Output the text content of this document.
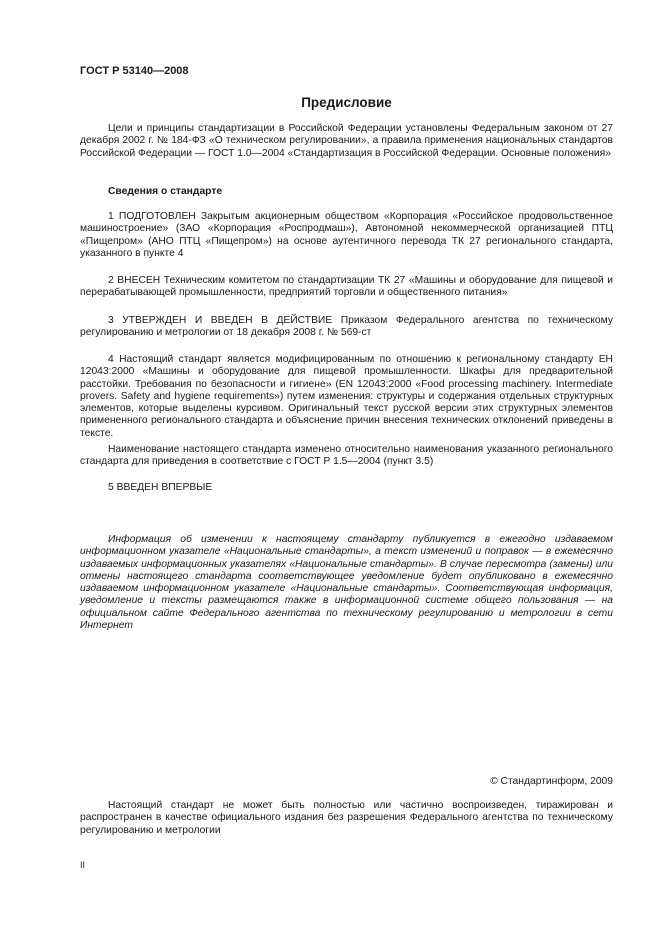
ГОСТ Р 53140—2008
Предисловие

Цели и принципы стандартизации в Российской Федерации установлены Федеральным законом от 27 декабря 2002 г. № 184-ФЗ «О техническом регулировании», а правила применения национальных стандартов Российской Федерации — ГОСТ 1.0—2004 «Стандартизация в Российской Федерации. Основные положения»

Сведения о стандарте

1 ПОДГОТОВЛЕН Закрытым акционерным обществом «Корпорация «Российское продовольственное машиностроение» (ЗАО «Корпорация «Роспродмаш»), Автономной некоммерческой организацией ПТЦ «Пищепром» (АНО ПТЦ «Пищепром») на основе аутентичного перевода ТК 27 регионального стандарта, указанного в пункте 4

2 ВНЕСЕН Техническим комитетом по стандартизации ТК 27 «Машины и оборудование для пищевой и перерабатывающей промышленности, предприятий торговли и общественного питания»

3 УТВЕРЖДЕН И ВВЕДЕН В ДЕЙСТВИЕ Приказом Федерального агентства по техническому регулированию и метрологии от 18 декабря 2008 г. № 569-ст

4 Настоящий стандарт является модифицированным по отношению к региональному стандарту ЕН 12043:2000 «Машины и оборудование для пищевой промышленности. Шкафы для предварительной расстойки. Требования по безопасности и гигиене» (EN 12043:2000 «Food processing machinery. Intermediate provers. Safety and hygiene requirements») путем изменения: структуры и содержания отдельных структурных элементов, которые выделены курсивом. Оригинальный текст русской версии этих структурных элементов примененного регионального стандарта и объяснение причин внесения технических отклонений приведены в тексте.

Наименование настоящего стандарта изменено относительно наименования указанного регионального стандарта для приведения в соответствие с ГОСТ Р 1.5—2004 (пункт 3.5)

5 ВВЕДЕН ВПЕРВЫЕ

Информация об изменении к настоящему стандарту публикуется в ежегодно издаваемом информационном указателе «Национальные стандарты», а текст изменений и поправок — в ежемесячно издаваемых информационных указателях «Национальные стандарты». В случае пересмотра (замены) или отмены настоящего стандарта соответствующее уведомление будет опубликовано в ежемесячно издаваемом информационном указателе «Национальные стандарты». Соответствующая информация, уведомление и тексты размещаются также в информационной системе общего пользования — на официальном сайте Федерального агентства по техническому регулированию и метрологии в сети Интернет

© Стандартинформ, 2009

Настоящий стандарт не может быть полностью или частично воспроизведен, тиражирован и распространен в качестве официального издания без разрешения Федерального агентства по техническому регулированию и метрологии

II
